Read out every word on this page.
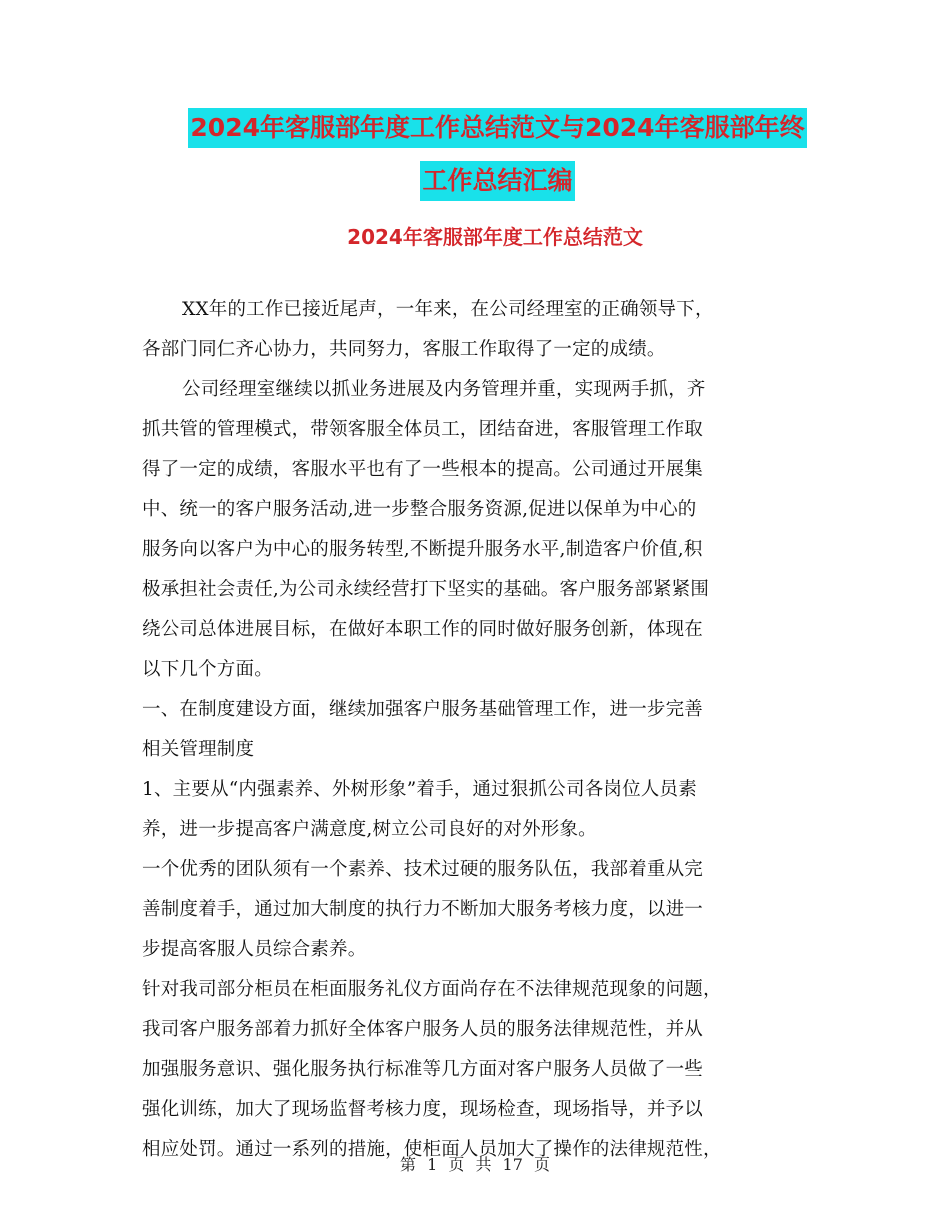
2024年客服部年度工作总结范文与2024年客服部年终
工作总结汇编
2024年客服部年度工作总结范文
XX年的工作已接近尾声，一年来，在公司经理室的正确领导下，
各部门同仁齐心协力，共同努力，客服工作取得了一定的成绩。
公司经理室继续以抓业务进展及内务管理并重，实现两手抓，齐
抓共管的管理模式，带领客服全体员工，团结奋进，客服管理工作取
得了一定的成绩，客服水平也有了一些根本的提高。公司通过开展集
中、统一的客户服务活动,进一步整合服务资源,促进以保单为中心的
服务向以客户为中心的服务转型,不断提升服务水平,制造客户价值,积
极承担社会责任,为公司永续经营打下坚实的基础。客户服务部紧紧围
绕公司总体进展目标，在做好本职工作的同时做好服务创新，体现在
以下几个方面。
一、在制度建设方面，继续加强客户服务基础管理工作，进一步完善
相关管理制度
1、主要从“内强素养、外树形象”着手，通过狠抓公司各岗位人员素
养，进一步提高客户满意度,树立公司良好的对外形象。
一个优秀的团队须有一个素养、技术过硬的服务队伍，我部着重从完
善制度着手，通过加大制度的执行力不断加大服务考核力度，以进一
步提高客服人员综合素养。
针对我司部分柜员在柜面服务礼仪方面尚存在不法律规范现象的问题，
我司客户服务部着力抓好全体客户服务人员的服务法律规范性，并从
加强服务意识、强化服务执行标准等几方面对客户服务人员做了一些
强化训练，加大了现场监督考核力度，现场检查，现场指导，并予以
相应处罚。通过一系列的措施，使柜面人员加大了操作的法律规范性，
第 1 页 共 17 页
